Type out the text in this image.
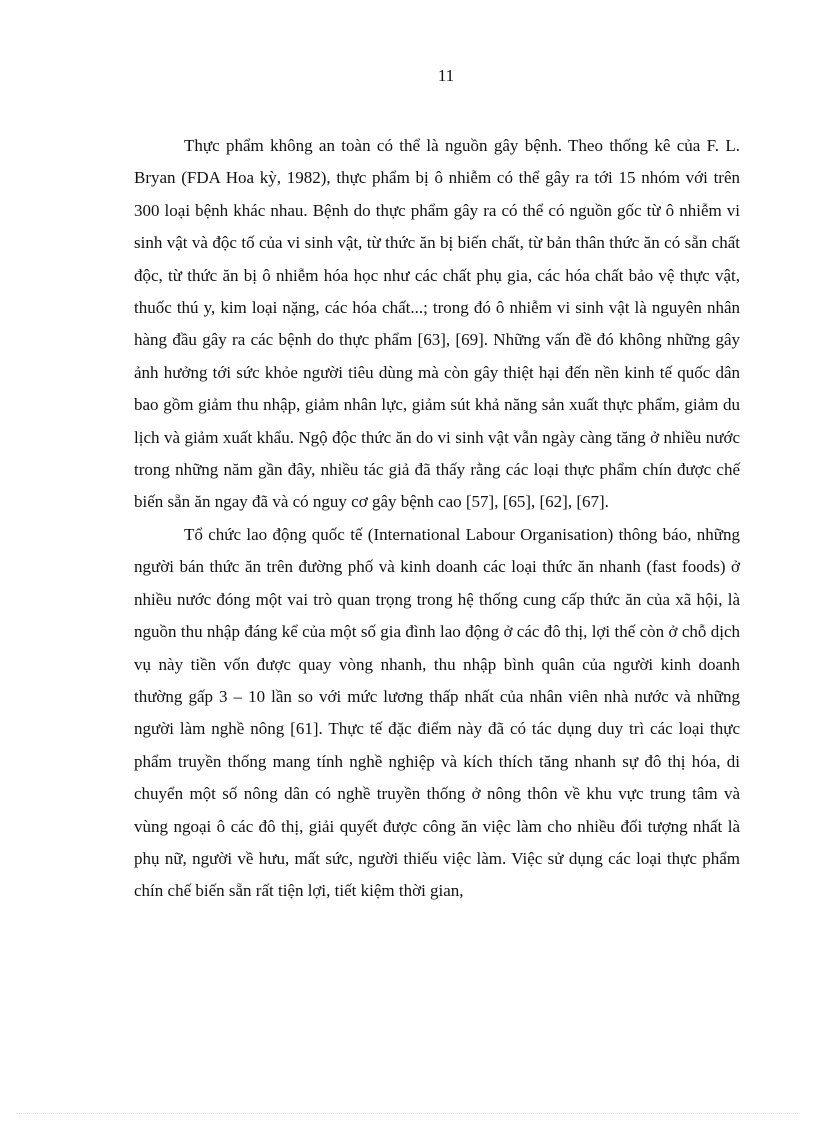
11

Thực phẩm không an toàn có thể là nguồn gây bệnh. Theo thống kê của F. L. Bryan (FDA Hoa kỳ, 1982), thực phẩm bị ô nhiễm có thể gây ra tới 15 nhóm với trên 300 loại bệnh khác nhau. Bệnh do thực phẩm gây ra có thể có nguồn gốc từ ô nhiễm vi sinh vật và độc tố của vi sinh vật, từ thức ăn bị biến chất, từ bản thân thức ăn có sẵn chất độc, từ thức ăn bị ô nhiễm hóa học như các chất phụ gia, các hóa chất bảo vệ thực vật, thuốc thú y, kim loại nặng, các hóa chất...; trong đó ô nhiễm vi sinh vật là nguyên nhân hàng đầu gây ra các bệnh do thực phẩm [63], [69]. Những vấn đề đó không những gây ảnh hưởng tới sức khỏe người tiêu dùng mà còn gây thiệt hại đến nền kinh tế quốc dân bao gồm giảm thu nhập, giảm nhân lực, giảm sút khả năng sản xuất thực phẩm, giảm du lịch và giảm xuất khẩu. Ngộ độc thức ăn do vi sinh vật vẫn ngày càng tăng ở nhiều nước trong những năm gần đây, nhiều tác giả đã thấy rằng các loại thực phẩm chín được chế biến sẵn ăn ngay đã và có nguy cơ gây bệnh cao [57], [65], [62], [67].

Tổ chức lao động quốc tế (International Labour Organisation) thông báo, những người bán thức ăn trên đường phố và kinh doanh các loại thức ăn nhanh (fast foods) ở nhiều nước đóng một vai trò quan trọng trong hệ thống cung cấp thức ăn của xã hội, là nguồn thu nhập đáng kể của một số gia đình lao động ở các đô thị, lợi thế còn ở chỗ dịch vụ này tiền vốn được quay vòng nhanh, thu nhập bình quân của người kinh doanh thường gấp 3 – 10 lần so với mức lương thấp nhất của nhân viên nhà nước và những người làm nghề nông [61]. Thực tế đặc điểm này đã có tác dụng duy trì các loại thực phẩm truyền thống mang tính nghề nghiệp và kích thích tăng nhanh sự đô thị hóa, di chuyển một số nông dân có nghề truyền thống ở nông thôn về khu vực trung tâm và vùng ngoại ô các đô thị, giải quyết được công ăn việc làm cho nhiều đối tượng nhất là phụ nữ, người về hưu, mất sức, người thiếu việc làm. Việc sử dụng các loại thực phẩm chín chế biến sẵn rất tiện lợi, tiết kiệm thời gian,
